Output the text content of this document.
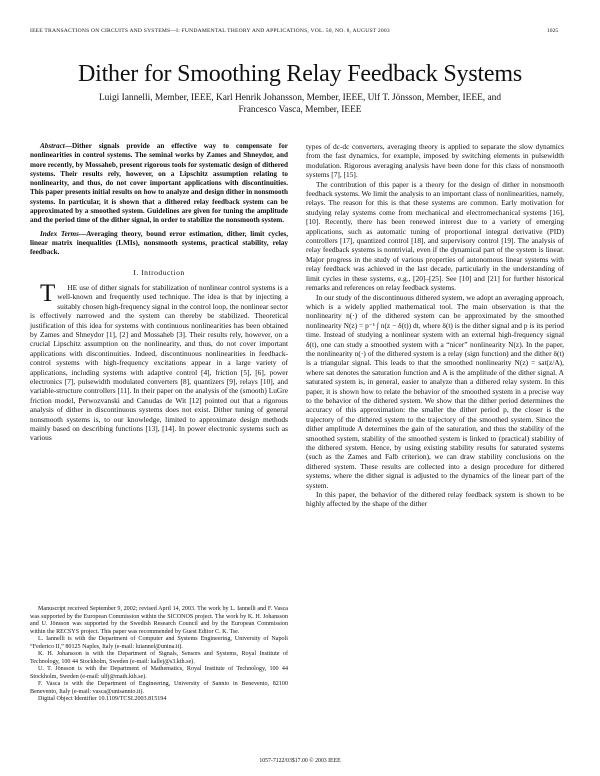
IEEE TRANSACTIONS ON CIRCUITS AND SYSTEMS—I: FUNDAMENTAL THEORY AND APPLICATIONS, VOL. 50, NO. 8, AUGUST 2003	1025
Dither for Smoothing Relay Feedback Systems
Luigi Iannelli, Member, IEEE, Karl Henrik Johansson, Member, IEEE, Ulf T. Jönsson, Member, IEEE, and
Francesco Vasca, Member, IEEE

Abstract—Dither signals provide an effective way to compensate for nonlinearities in control systems. The seminal works by Zames and Shneydor, and more recently, by Mossaheb, present rigorous tools for systematic design of dithered systems. Their results rely, however, on a Lipschitz assumption relating to nonlinearity, and thus, do not cover important applications with discontinuities. This paper presents initial results on how to analyze and design dither in nonsmooth systems. In particular, it is shown that a dithered relay feedback system can be approximated by a smoothed system. Guidelines are given for tuning the amplitude and the period time of the dither signal, in order to stabilize the nonsmooth system.

Index Terms—Averaging theory, bound error estimation, dither, limit cycles, linear matrix inequalities (LMIs), nonsmooth systems, practical stability, relay feedback.

I. Introduction

T HE use of dither signals for stabilization of nonlinear control systems is a well-known and frequently used technique. The idea is that by injecting a suitably chosen high-frequency signal in the control loop, the nonlinear sector is effectively narrowed and the system can thereby be stabilized. Theoretical justification of this idea for systems with continuous nonlinearities has been obtained by Zames and Shneydor [1], [2] and Mossaheb [3]. Their results rely, however, on a crucial Lipschitz assumption on the nonlinearity, and thus, do not cover important applications with discontinuities. Indeed, discontinuous nonlinearities in feedback-control systems with high-frequency excitations appear in a large variety of applications, including systems with adaptive control [4], friction [5], [6], power electronics [7], pulsewidth modulated converters [8], quantizers [9], relays [10], and variable-structure controllers [11]. In their paper on the analysis of the (smooth) LuGre friction model, Perwozvanski and Canudas de Wit [12] pointed out that a rigorous analysis of dither in discontinuous systems does not exist. Dither tuning of general nonsmooth systems is, to our knowledge, limited to approximate design methods mainly based on describing functions [13], [14]. In power electronic systems such as various

Manuscript received September 9, 2002; revised April 14, 2003. The work by L. Iannelli and F. Vasca was supported by the European Commission within the SICONOS project. The work by K. H. Johansson and U. Jönsson was supported by the Swedish Research Council and by the European Commission within the RECSYS project. This paper was recommended by Guest Editor C. K. Tse.

L. Iannelli is with the Department of Computer and Systems Engineering, University of Napoli “Federico II,” 80125 Naples, Italy (e-mail: luiannel@unina.it).

K. H. Johansson is with the Department of Signals, Sensors and Systems, Royal Institute of Technology, 100 44 Stockholm, Sweden (e-mail: kallej@s3.kth.se).

U. T. Jönsson is with the Department of Mathematics, Royal Institute of Technology, 100 44 Stockholm, Sweden (e-mail: ulfj@math.kth.se).

F. Vasca is with the Department of Engineering, University of Sannio in Benevento, 82100 Benevento, Italy (e-mail: vasca@unisannio.it).

Digital Object Identifier 10.1109/TCSI.2003.815194

types of dc-dc converters, averaging theory is applied to separate the slow dynamics from the fast dynamics, for example, imposed by switching elements in pulsewidth modulation. Rigorous averaging analysis have been done for this class of nonsmooth systems [7], [15].

The contribution of this paper is a theory for the design of dither in nonsmooth feedback systems. We limit the analysis to an important class of nonlinearities, namely, relays. The reason for this is that these systems are common. Early motivation for studying relay systems come from mechanical and electromechanical systems [16], [10]. Recently, there has been renewed interest due to a variety of emerging applications, such as automatic tuning of proportional integral derivative (PID) controllers [17], quantized control [18], and supervisory control [19]. The analysis of relay feedback systems is nontrivial, even if the dynamical part of the system is linear. Major progress in the study of various properties of autonomous linear systems with relay feedback was achieved in the last decade, particularly in the understanding of limit cycles in these systems, e.g., [20]–[25]. See [10] and [21] for further historical remarks and references on relay feedback systems.

In our study of the discontinuous dithered system, we adopt an averaging approach, which is a widely applied mathematical tool. The main observation is that the nonlinearity n(·) of the dithered system can be approximated by the smoothed nonlinearity N(z) = p⁻¹ ∫ n(z − δ(t)) dt, where δ(t) is the dither signal and p is its period time. Instead of studying a nonlinear system with an external high-frequency signal δ(t), one can study a smoothed system with a “nicer” nonlinearity N(z). In the paper, the nonlinearity n(·) of the dithered system is a relay (sign function) and the dither δ(t) is a triangular signal. This leads to that the smoothed nonlinearity N(z) = sat(z/A), where sat denotes the saturation function and A is the amplitude of the dither signal. A saturated system is, in general, easier to analyze than a dithered relay system. In this paper, it is shown how to relate the behavior of the smoothed system in a precise way to the behavior of the dithered system. We show that the dither period determines the accuracy of this approximation: the smaller the dither period p, the closer is the trajectory of the dithered system to the trajectory of the smoothed system. Since the dither amplitude A determines the gain of the saturation, and thus the stability of the smoothed system, stability of the smoothed system is linked to (practical) stability of the dithered system. Hence, by using existing stability results for saturated systems (such as the Zames and Falb criterion), we can draw stability conclusions on the dithered system. These results are collected into a design procedure for dithered systems, where the dither signal is adjusted to the dynamics of the linear part of the system.

In this paper, the behavior of the dithered relay feedback system is shown to be highly affected by the shape of the dither

1057-7122/03$17.00 © 2003 IEEE
